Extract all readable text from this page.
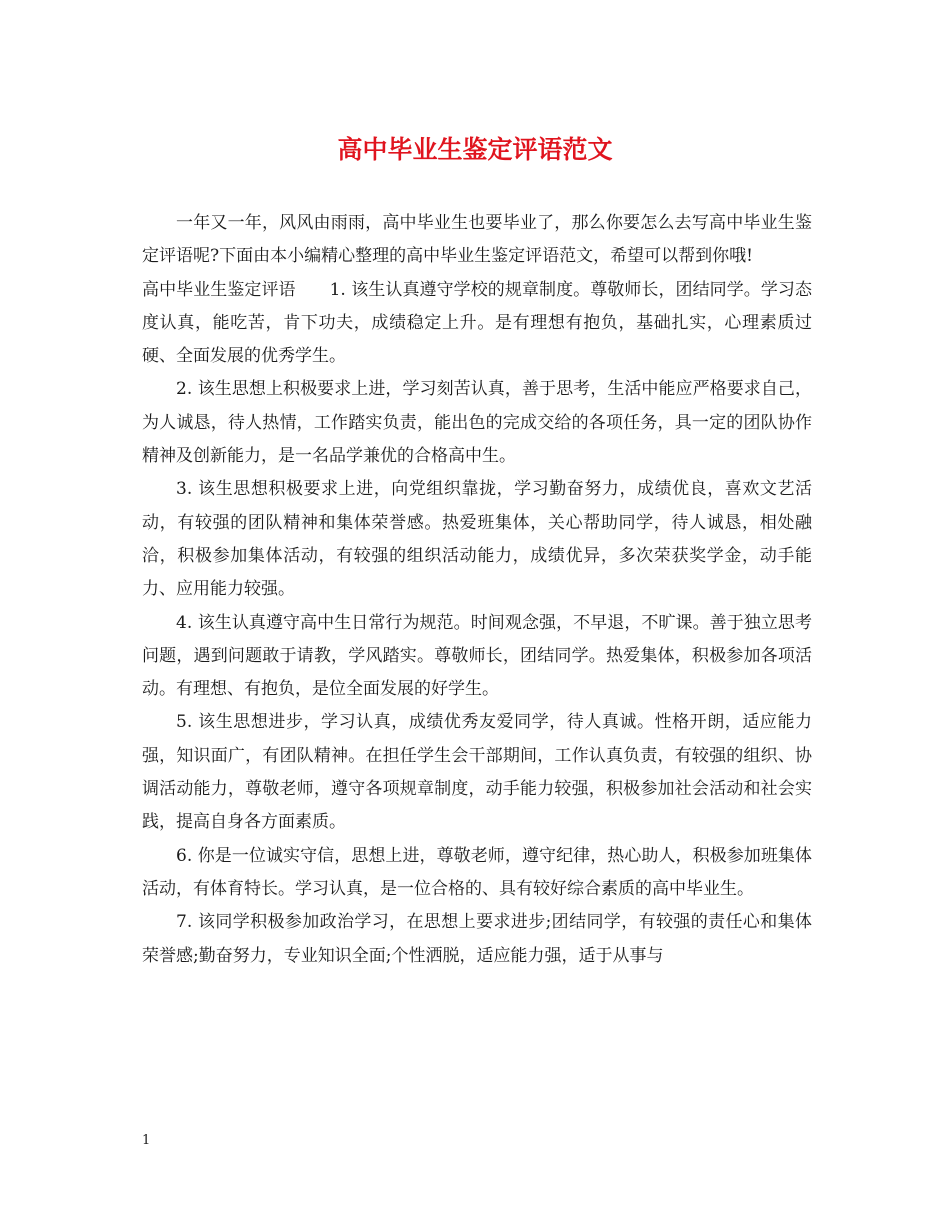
高中毕业生鉴定评语范文

一年又一年，风风由雨雨，高中毕业生也要毕业了，那么你要怎么去写高中毕业生鉴定评语呢?下面由本小编精心整理的高中毕业生鉴定评语范文，希望可以帮到你哦!

高中毕业生鉴定评语 1. 该生认真遵守学校的规章制度。尊敬师长，团结同学。学习态度认真，能吃苦，肯下功夫，成绩稳定上升。是有理想有抱负，基础扎实，心理素质过硬、全面发展的优秀学生。

2. 该生思想上积极要求上进，学习刻苦认真，善于思考，生活中能应严格要求自己，为人诚恳，待人热情，工作踏实负责，能出色的完成交给的各项任务，具一定的团队协作精神及创新能力，是一名品学兼优的合格高中生。

3. 该生思想积极要求上进，向党组织靠拢，学习勤奋努力，成绩优良，喜欢文艺活动，有较强的团队精神和集体荣誉感。热爱班集体，关心帮助同学，待人诚恳，相处融洽，积极参加集体活动，有较强的组织活动能力，成绩优异，多次荣获奖学金，动手能力、应用能力较强。

4. 该生认真遵守高中生日常行为规范。时间观念强，不早退，不旷课。善于独立思考问题，遇到问题敢于请教，学风踏实。尊敬师长，团结同学。热爱集体，积极参加各项活动。有理想、有抱负，是位全面发展的好学生。

5. 该生思想进步，学习认真，成绩优秀友爱同学，待人真诚。性格开朗，适应能力强，知识面广，有团队精神。在担任学生会干部期间，工作认真负责，有较强的组织、协调活动能力，尊敬老师，遵守各项规章制度，动手能力较强，积极参加社会活动和社会实践，提高自身各方面素质。

6. 你是一位诚实守信，思想上进，尊敬老师，遵守纪律，热心助人，积极参加班集体活动，有体育特长。学习认真，是一位合格的、具有较好综合素质的高中毕业生。

7. 该同学积极参加政治学习，在思想上要求进步;团结同学，有较强的责任心和集体荣誉感;勤奋努力，专业知识全面;个性洒脱，适应能力强，适于从事与

1
